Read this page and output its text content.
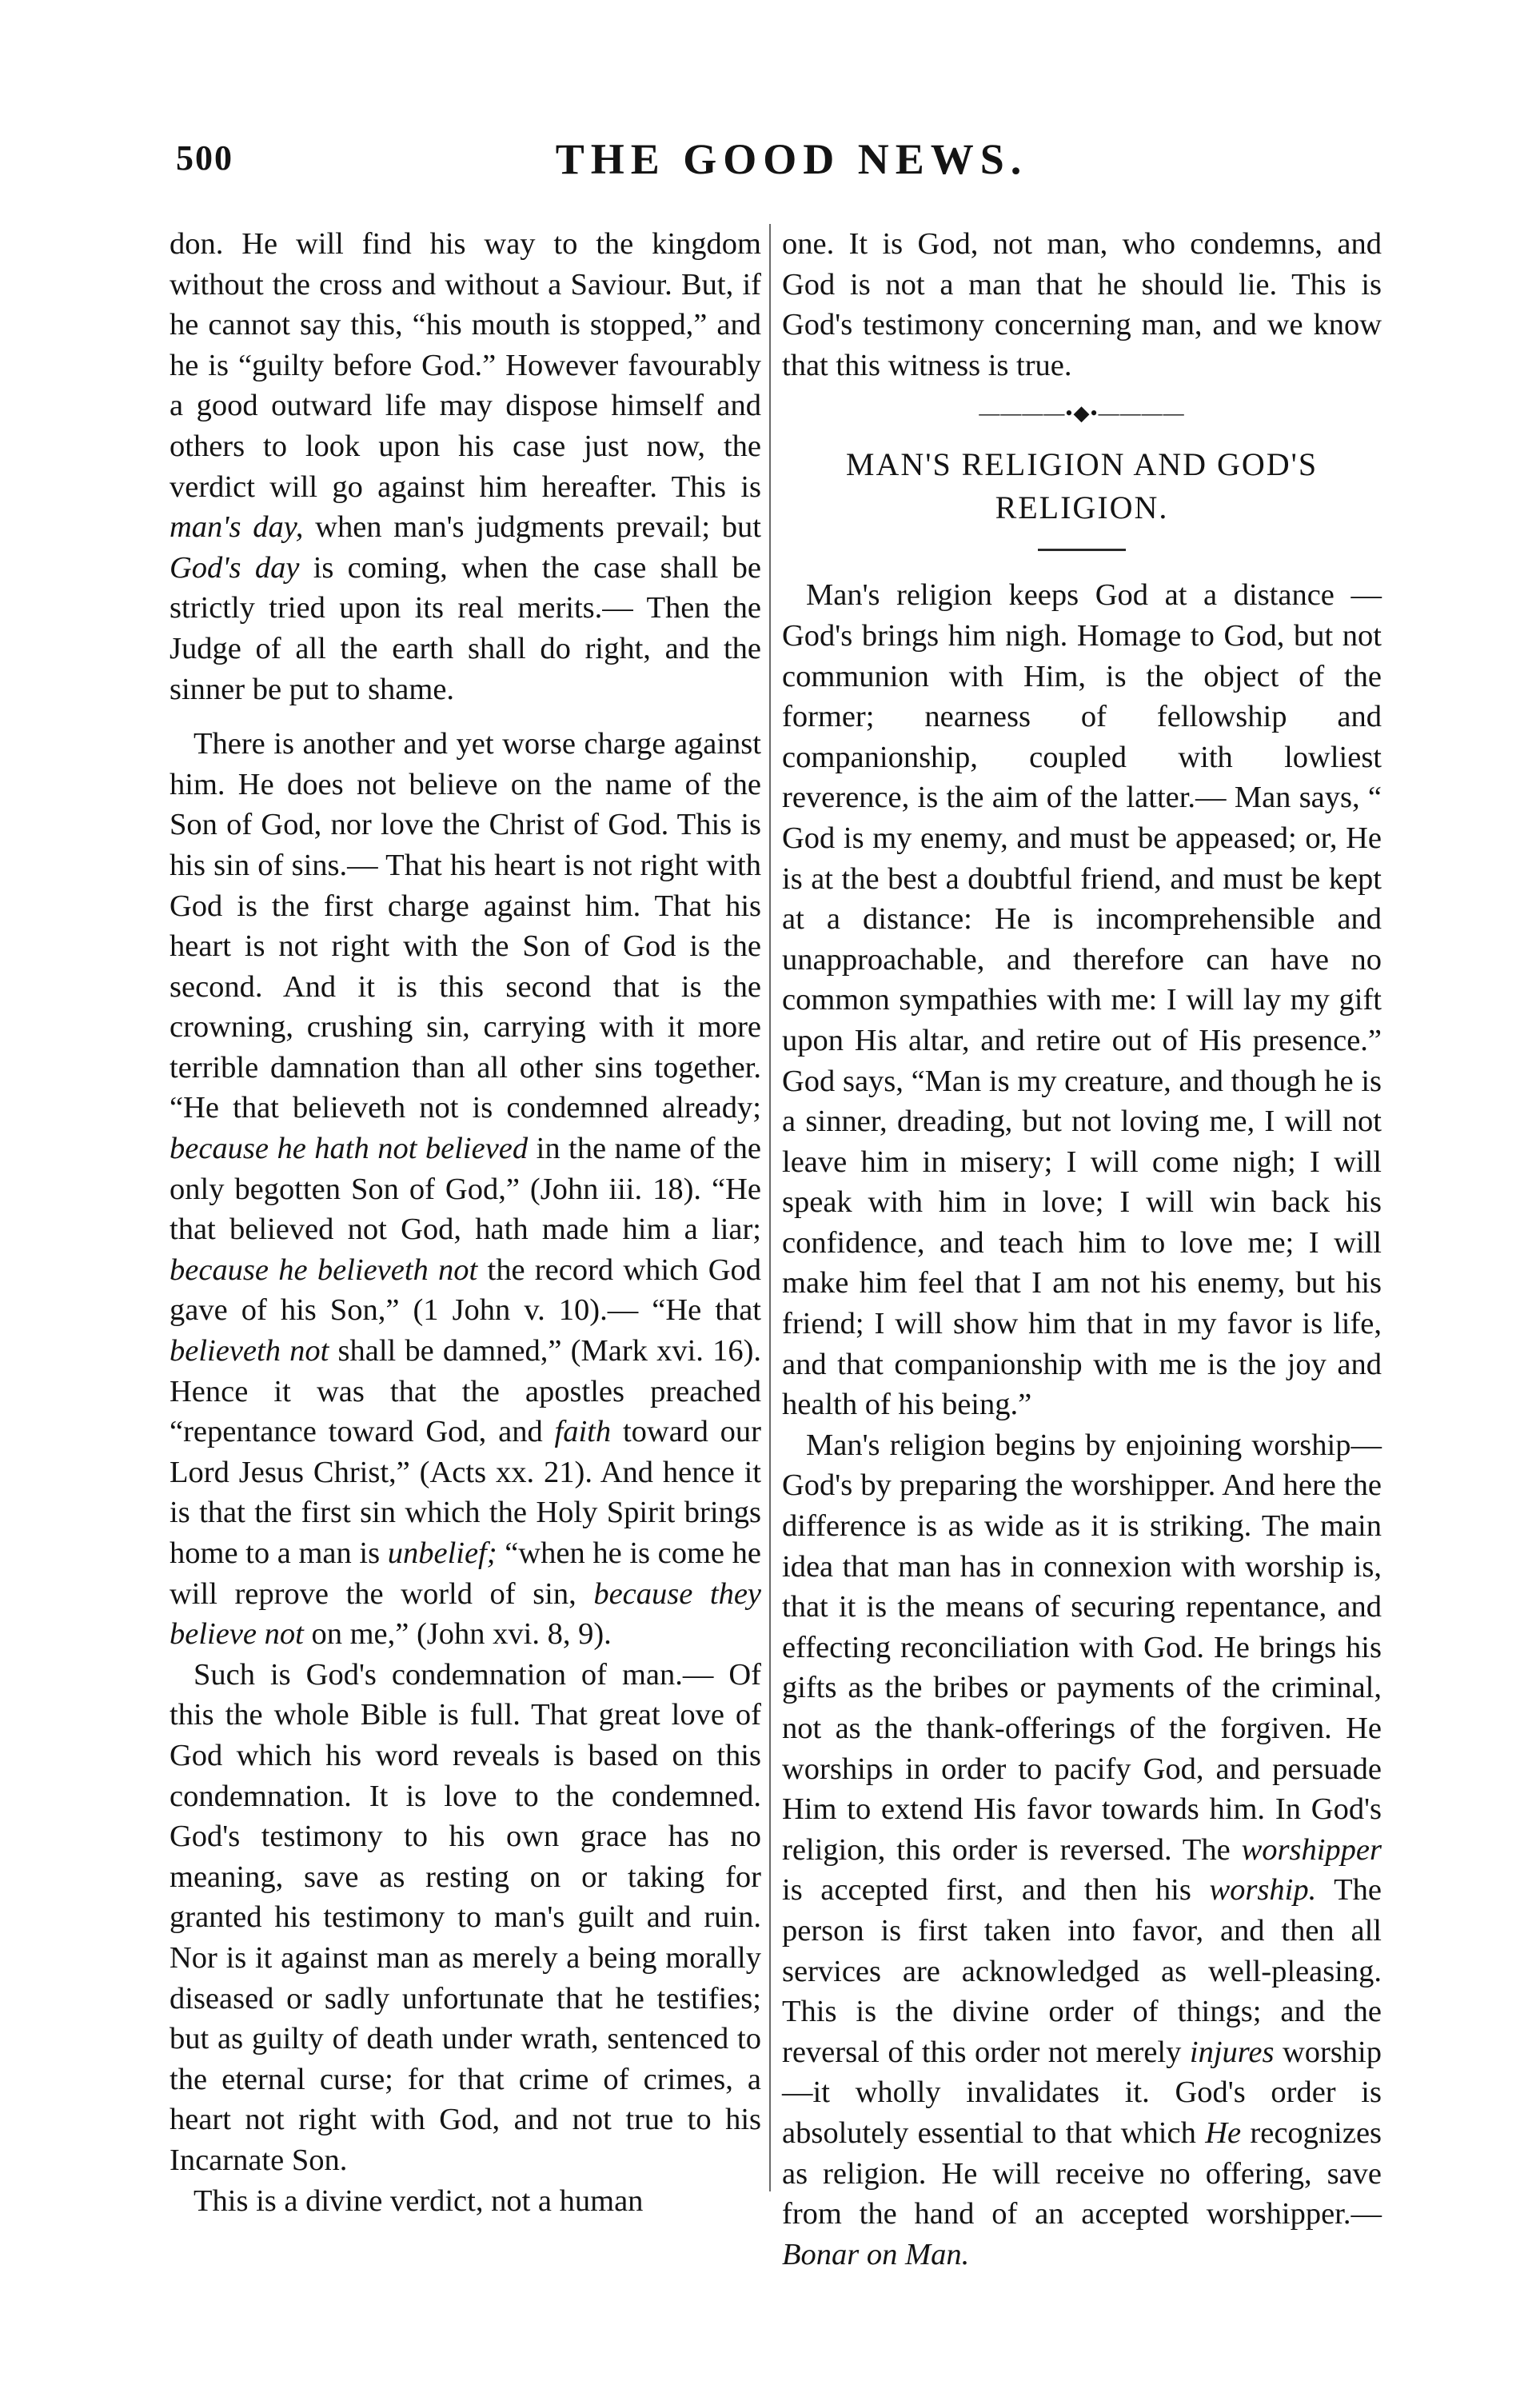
500	THE GOOD NEWS.

don. He will find his way to the kingdom without the cross and without a Saviour. But, if he cannot say this, “his mouth is stopped,” and he is “guilty before God.” However favourably a good outward life may dispose himself and others to look upon his case just now, the verdict will go against him hereafter. This is man's day, when man's judgments prevail; but God's day is coming, when the case shall be strictly tried upon its real merits.— Then the Judge of all the earth shall do right, and the sinner be put to shame.

There is another and yet worse charge against him. He does not believe on the name of the Son of God, nor love the Christ of God. This is his sin of sins.— That his heart is not right with God is the first charge against him. That his heart is not right with the Son of God is the second. And it is this second that is the crowning, crushing sin, carrying with it more terrible damnation than all other sins together. “He that believeth not is condemned already; because he hath not believed in the name of the only begotten Son of God,” (John iii. 18). “He that believed not God, hath made him a liar; because he believeth not the record which God gave of his Son,” (1 John v. 10).— “He that believeth not shall be damned,” (Mark xvi. 16). Hence it was that the apostles preached “repentance toward God, and faith toward our Lord Jesus Christ,” (Acts xx. 21). And hence it is that the first sin which the Holy Spirit brings home to a man is unbelief; “when he is come he will reprove the world of sin, because they believe not on me,” (John xvi. 8, 9).

Such is God's condemnation of man.— Of this the whole Bible is full. That great love of God which his word reveals is based on this condemnation. It is love to the condemned. God's testimony to his own grace has no meaning, save as resting on or taking for granted his testimony to man's guilt and ruin. Nor is it against man as merely a being morally diseased or sadly unfortunate that he testifies; but as guilty of death under wrath, sentenced to the eternal curse; for that crime of crimes, a heart not right with God, and not true to his Incarnate Son.

This is a divine verdict, not a human

one. It is God, not man, who condemns, and God is not a man that he should lie. This is God's testimony concerning man, and we know that this witness is true.

————•◆•————
MAN'S RELIGION AND GOD'S RELIGION.

Man's religion keeps God at a distance —God's brings him nigh. Homage to God, but not communion with Him, is the object of the former; nearness of fellowship and companionship, coupled with lowliest reverence, is the aim of the latter.— Man says, “ God is my enemy, and must be appeased; or, He is at the best a doubtful friend, and must be kept at a distance: He is incomprehensible and unapproachable, and therefore can have no common sympathies with me: I will lay my gift upon His altar, and retire out of His presence.” God says, “Man is my creature, and though he is a sinner, dreading, but not loving me, I will not leave him in misery; I will come nigh; I will speak with him in love; I will win back his confidence, and teach him to love me; I will make him feel that I am not his enemy, but his friend; I will show him that in my favor is life, and that companionship with me is the joy and health of his being.”

Man's religion begins by enjoining worship—God's by preparing the worshipper. And here the difference is as wide as it is striking. The main idea that man has in connexion with worship is, that it is the means of securing repentance, and effecting reconciliation with God. He brings his gifts as the bribes or payments of the criminal, not as the thank-offerings of the forgiven. He worships in order to pacify God, and persuade Him to extend His favor towards him. In God's religion, this order is reversed. The worshipper is accepted first, and then his worship. The person is first taken into favor, and then all services are acknowledged as well-pleasing. This is the divine order of things; and the reversal of this order not merely injures worship—it wholly invalidates it. God's order is absolutely essential to that which He recognizes as religion. He will receive no offering, save from the hand of an accepted worshipper.—Bonar on Man.
